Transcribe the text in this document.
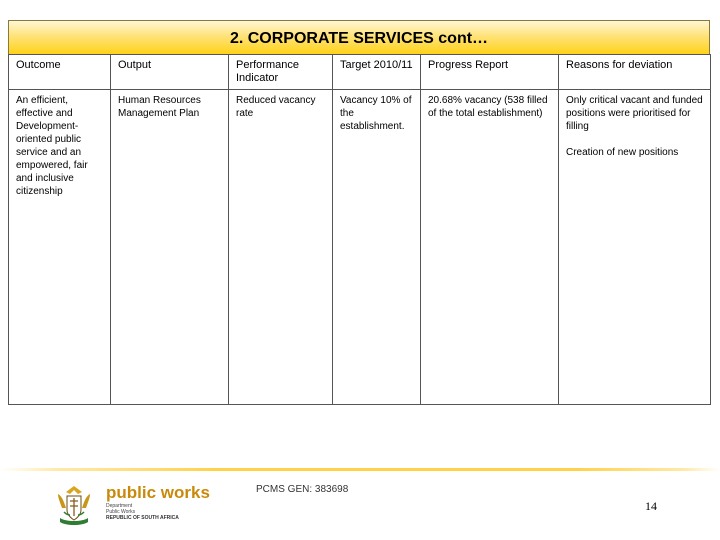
2. CORPORATE SERVICES cont…
Outcome	Output	Performance Indicator	Target 2010/11	Progress Report	Reasons for deviation
An efficient, effective and Development-oriented public service and an empowered, fair and inclusive citizenship	Human Resources Management Plan	Reduced vacancy rate	Vacancy 10% of the establishment.	20.68% vacancy (538 filled of the total establishment)	Only critical vacant and funded positions were prioritised for filling
Creation of new positions
public works
Department
Public Works
REPUBLIC OF SOUTH AFRICA
PCMS GEN: 383698
14
